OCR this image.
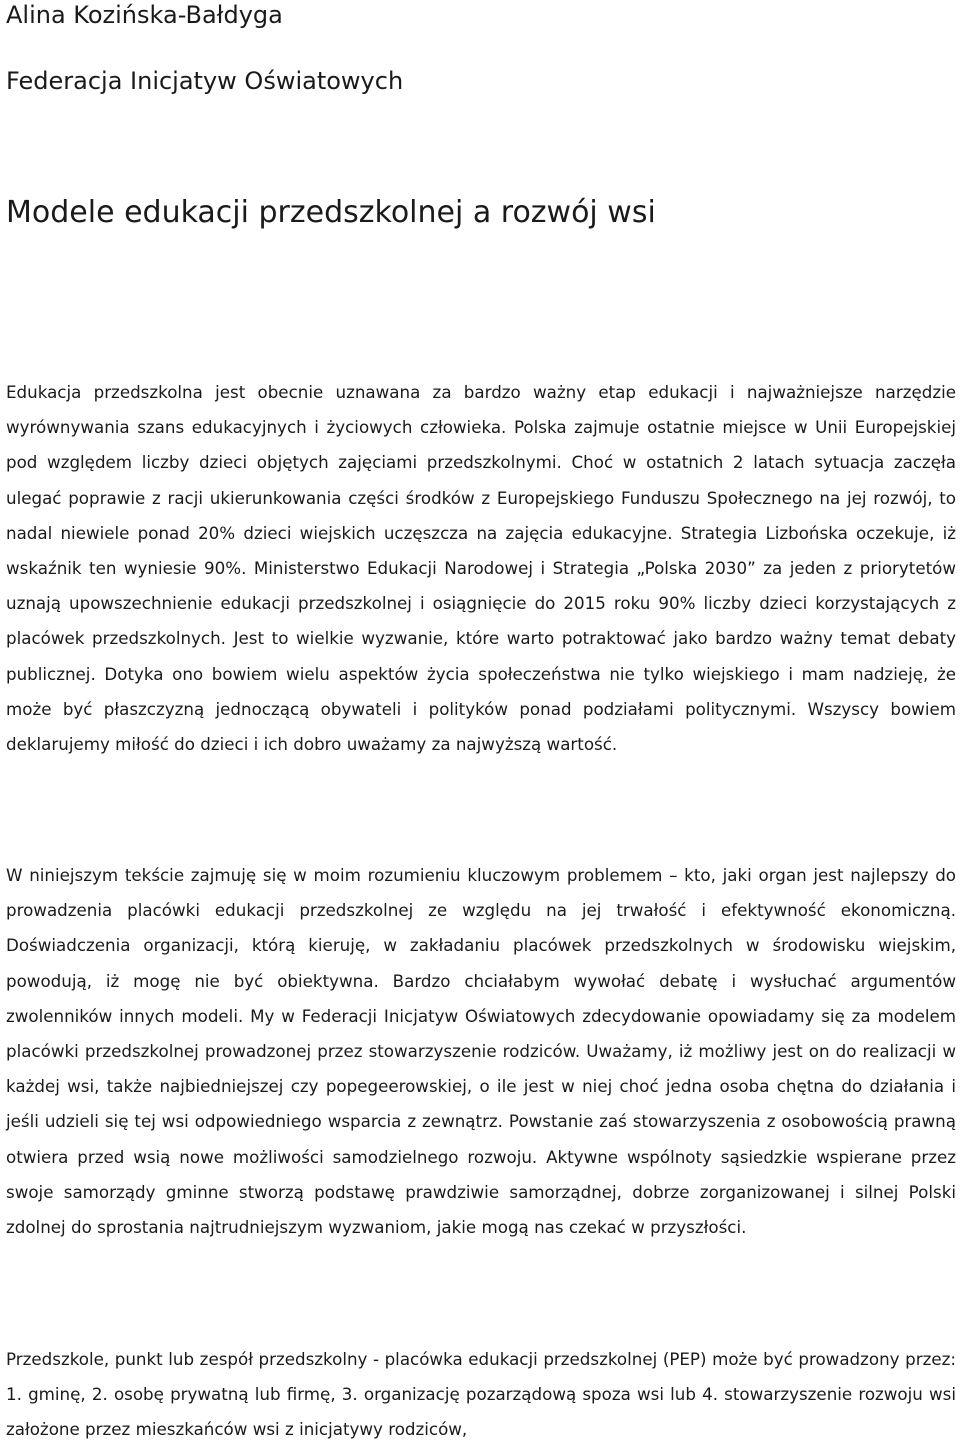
Alina Kozińska-Bałdyga
Federacja Inicjatyw Oświatowych
Modele edukacji przedszkolnej a rozwój wsi

Edukacja przedszkolna jest obecnie uznawana za bardzo ważny etap edukacji i najważniejsze narzędzie wyrównywania szans edukacyjnych i życiowych człowieka. Polska zajmuje ostatnie miejsce w Unii Europejskiej pod względem liczby dzieci objętych zajęciami przedszkolnymi. Choć w ostatnich 2 latach sytuacja zaczęła ulegać poprawie z racji ukierunkowania części środków z Europejskiego Funduszu Społecznego na jej rozwój, to nadal niewiele ponad 20% dzieci wiejskich uczęszcza na zajęcia edukacyjne. Strategia Lizbońska oczekuje, iż wskaźnik ten wyniesie 90%. Ministerstwo Edukacji Narodowej i Strategia „Polska 2030” za jeden z priorytetów uznają upowszechnienie edukacji przedszkolnej i osiągnięcie do 2015 roku 90% liczby dzieci korzystających z placówek przedszkolnych. Jest to wielkie wyzwanie, które warto potraktować jako bardzo ważny temat debaty publicznej. Dotyka ono bowiem wielu aspektów życia społeczeństwa nie tylko wiejskiego i mam nadzieję, że może być płaszczyzną jednoczącą obywateli i polityków ponad podziałami politycznymi. Wszyscy bowiem deklarujemy miłość do dzieci i ich dobro uważamy za najwyższą wartość.

W niniejszym tekście zajmuję się w moim rozumieniu kluczowym problemem – kto, jaki organ jest najlepszy do prowadzenia placówki edukacji przedszkolnej ze względu na jej trwałość i efektywność ekonomiczną. Doświadczenia organizacji, którą kieruję, w zakładaniu placówek przedszkolnych w środowisku wiejskim, powodują, iż mogę nie być obiektywna. Bardzo chciałabym wywołać debatę i wysłuchać argumentów zwolenników innych modeli. My w Federacji Inicjatyw Oświatowych zdecydowanie opowiadamy się za modelem placówki przedszkolnej prowadzonej przez stowarzyszenie rodziców. Uważamy, iż możliwy jest on do realizacji w każdej wsi, także najbiedniejszej czy popegeerowskiej, o ile jest w niej choć jedna osoba chętna do działania i jeśli udzieli się tej wsi odpowiedniego wsparcia z zewnątrz. Powstanie zaś stowarzyszenia z osobowością prawną otwiera przed wsią nowe możliwości samodzielnego rozwoju. Aktywne wspólnoty sąsiedzkie wspierane przez swoje samorządy gminne stworzą podstawę prawdziwie samorządnej, dobrze zorganizowanej i silnej Polski zdolnej do sprostania najtrudniejszym wyzwaniom, jakie mogą nas czekać w przyszłości.

Przedszkole, punkt lub zespół przedszkolny - placówka edukacji przedszkolnej (PEP) może być prowadzony przez: 1. gminę, 2. osobę prywatną lub firmę, 3. organizację pozarządową spoza wsi lub 4. stowarzyszenie rozwoju wsi założone przez mieszkańców wsi z inicjatywy rodziców,
